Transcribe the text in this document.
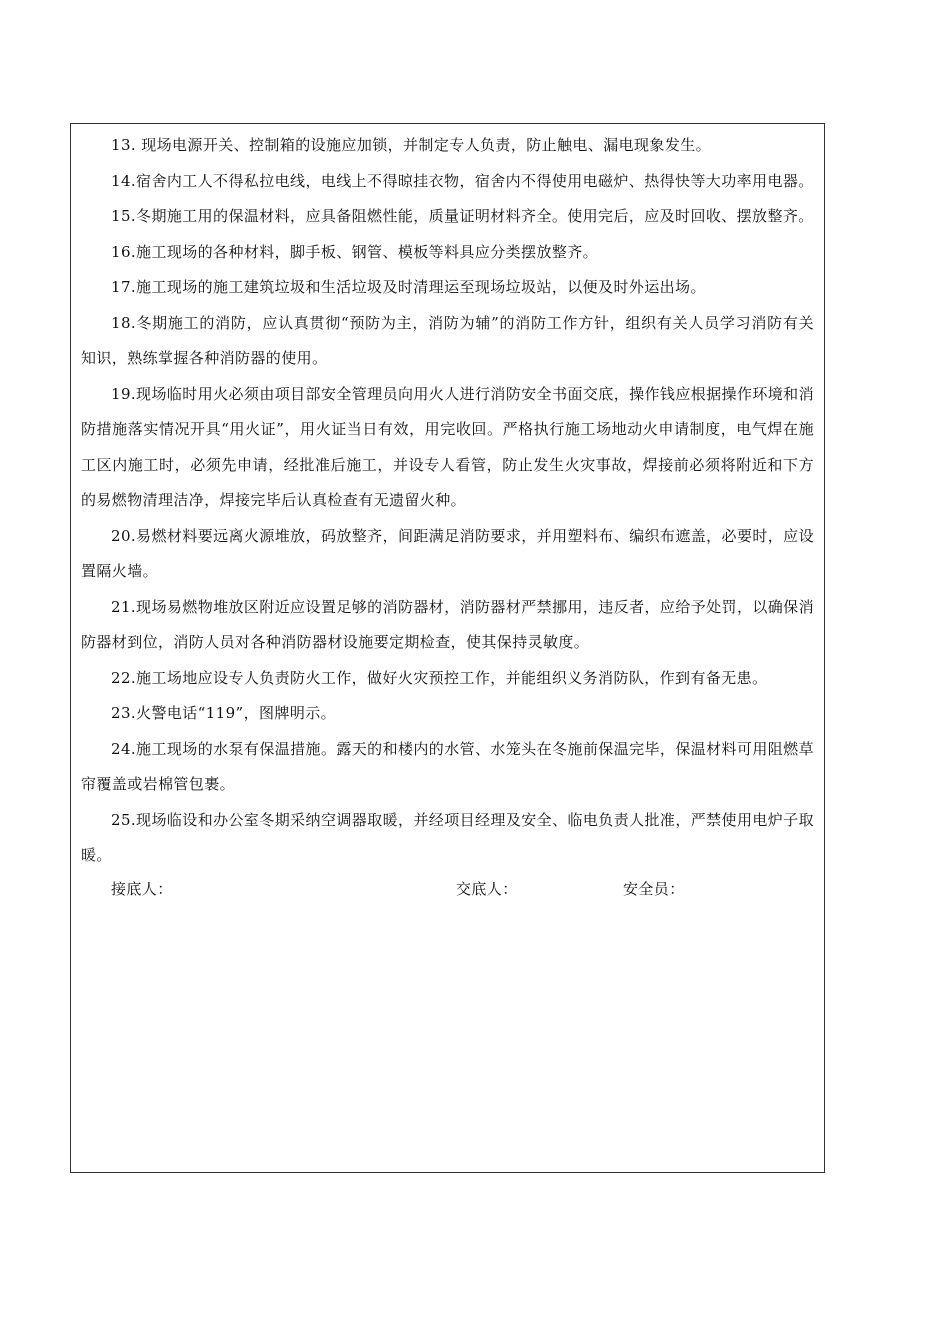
13. 现场电源开关、控制箱的设施应加锁，并制定专人负责，防止触电、漏电现象发生。

14.宿舍内工人不得私拉电线，电线上不得晾挂衣物，宿舍内不得使用电磁炉、热得快等大功率用电器。

15.冬期施工用的保温材料，应具备阻燃性能，质量证明材料齐全。使用完后，应及时回收、摆放整齐。

16.施工现场的各种材料，脚手板、钢管、模板等料具应分类摆放整齐。

17.施工现场的施工建筑垃圾和生活垃圾及时清理运至现场垃圾站，以便及时外运出场。

18.冬期施工的消防，应认真贯彻“预防为主，消防为辅”的消防工作方针，组织有关人员学习消防有关知识，熟练掌握各种消防器的使用。

19.现场临时用火必须由项目部安全管理员向用火人进行消防安全书面交底，操作钱应根据操作环境和消防措施落实情况开具“用火证”，用火证当日有效，用完收回。严格执行施工场地动火申请制度，电气焊在施工区内施工时，必须先申请，经批准后施工，并设专人看管，防止发生火灾事故，焊接前必须将附近和下方的易燃物清理洁净，焊接完毕后认真检查有无遗留火种。

20.易燃材料要远离火源堆放，码放整齐，间距满足消防要求，并用塑料布、编织布遮盖，必要时，应设置隔火墙。

21.现场易燃物堆放区附近应设置足够的消防器材，消防器材严禁挪用，违反者，应给予处罚，以确保消防器材到位，消防人员对各种消防器材设施要定期检查，使其保持灵敏度。

22.施工场地应设专人负责防火工作，做好火灾预控工作，并能组织义务消防队，作到有备无患。

23.火警电话“119”，图牌明示。

24.施工现场的水泵有保温措施。露天的和楼内的水管、水笼头在冬施前保温完毕，保温材料可用阻燃草帘覆盖或岩棉管包裹。

25.现场临设和办公室冬期采纳空调器取暖，并经项目经理及安全、临电负责人批准，严禁使用电炉子取暖。

接底人：	交底人：	安全员：
